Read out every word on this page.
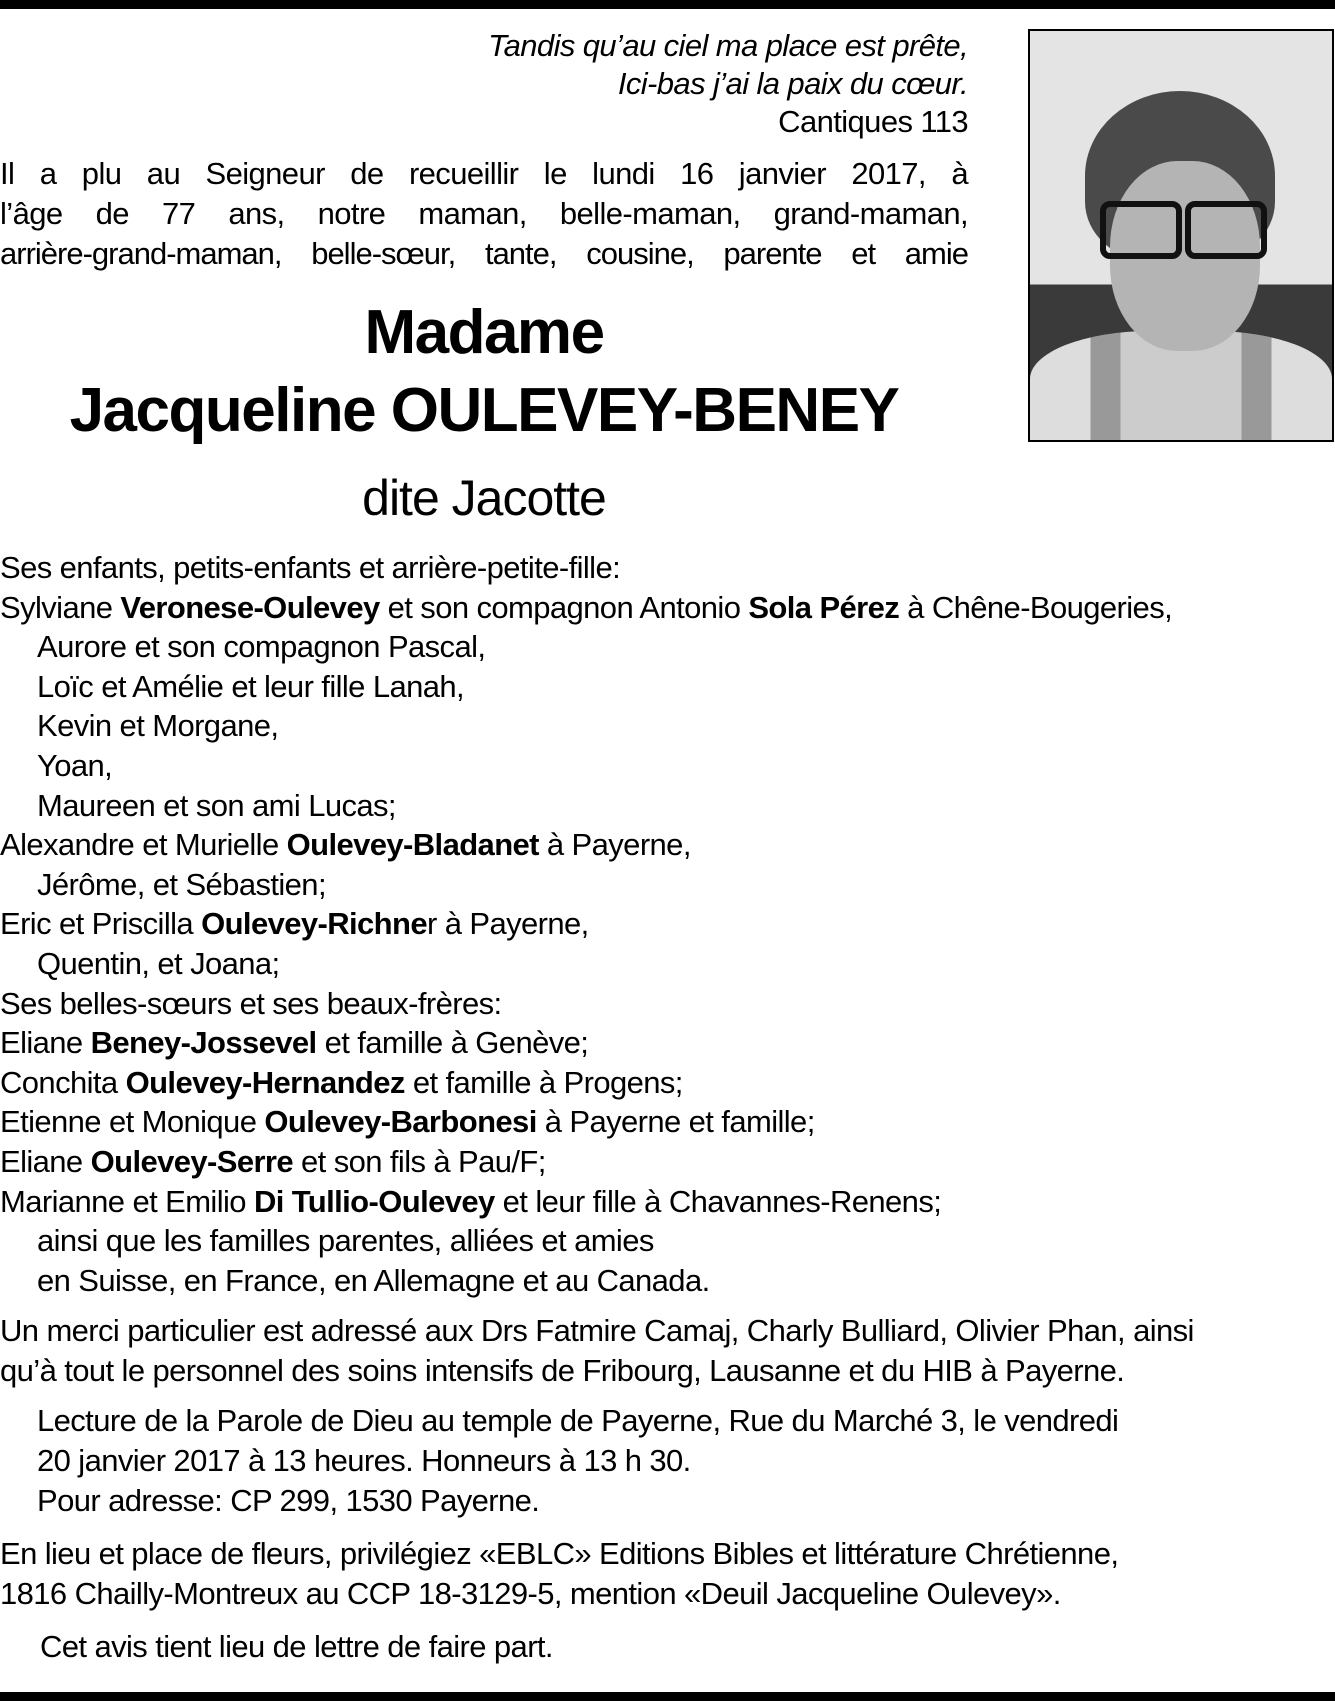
Tandis qu’au ciel ma place est prête,
Ici-bas j’ai la paix du cœur.
Cantiques 113
Il a plu au Seigneur de recueillir le lundi 16 janvier 2017, à
l’âge de 77 ans, notre maman, belle-maman, grand-maman,
arrière-grand-maman, belle-sœur, tante, cousine, parente et amie
Madame
Jacqueline OULEVEY-BENEY
dite Jacotte
Ses enfants, petits-enfants et arrière-petite-fille:
Sylviane Veronese-Oulevey et son compagnon Antonio Sola Pérez à Chêne-Bougeries,
Aurore et son compagnon Pascal,
Loïc et Amélie et leur fille Lanah,
Kevin et Morgane,
Yoan,
Maureen et son ami Lucas;
Alexandre et Murielle Oulevey-Bladanet à Payerne,
Jérôme, et Sébastien;
Eric et Priscilla Oulevey-Richner à Payerne,
Quentin, et Joana;
Ses belles-sœurs et ses beaux-frères:
Eliane Beney-Jossevel et famille à Genève;
Conchita Oulevey-Hernandez et famille à Progens;
Etienne et Monique Oulevey-Barbonesi à Payerne et famille;
Eliane Oulevey-Serre et son fils à Pau/F;
Marianne et Emilio Di Tullio-Oulevey et leur fille à Chavannes-Renens;
ainsi que les familles parentes, alliées et amies
en Suisse, en France, en Allemagne et au Canada.
Un merci particulier est adressé aux Drs Fatmire Camaj, Charly Bulliard, Olivier Phan, ainsi
qu’à tout le personnel des soins intensifs de Fribourg, Lausanne et du HIB à Payerne.
Lecture de la Parole de Dieu au temple de Payerne, Rue du Marché 3, le vendredi
20 janvier 2017 à 13 heures. Honneurs à 13 h 30.
Pour adresse: CP 299, 1530 Payerne.
En lieu et place de fleurs, privilégiez «EBLC» Editions Bibles et littérature Chrétienne,
1816 Chailly-Montreux au CCP 18-3129-5, mention «Deuil Jacqueline Oulevey».
Cet avis tient lieu de lettre de faire part.
